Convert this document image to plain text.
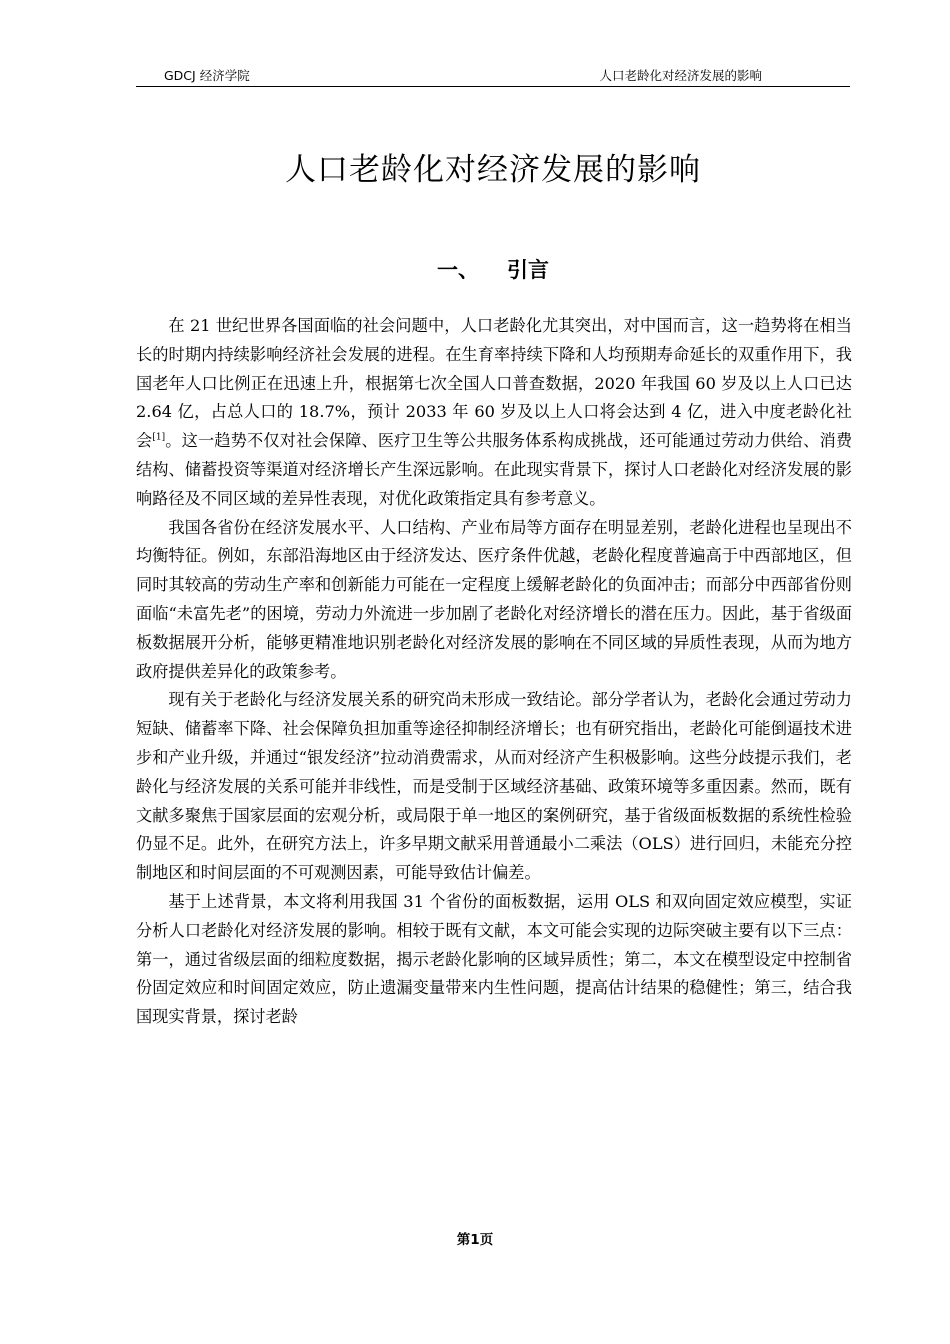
GDCJ 经济学院	人口老龄化对经济发展的影响
人口老龄化对经济发展的影响
一、 引言

在 21 世纪世界各国面临的社会问题中，人口老龄化尤其突出，对中国而言，这一趋势将在相当长的时期内持续影响经济社会发展的进程。在生育率持续下降和人均预期寿命延长的双重作用下，我国老年人口比例正在迅速上升，根据第七次全国人口普查数据，2020 年我国 60 岁及以上人口已达 2.64 亿，占总人口的 18.7%，预计 2033 年 60 岁及以上人口将会达到 4 亿，进入中度老龄化社会[1]。这一趋势不仅对社会保障、医疗卫生等公共服务体系构成挑战，还可能通过劳动力供给、消费结构、储蓄投资等渠道对经济增长产生深远影响。在此现实背景下，探讨人口老龄化对经济发展的影响路径及不同区域的差异性表现，对优化政策指定具有参考意义。

我国各省份在经济发展水平、人口结构、产业布局等方面存在明显差别，老龄化进程也呈现出不均衡特征。例如，东部沿海地区由于经济发达、医疗条件优越，老龄化程度普遍高于中西部地区，但同时其较高的劳动生产率和创新能力可能在一定程度上缓解老龄化的负面冲击；而部分中西部省份则面临“未富先老”的困境，劳动力外流进一步加剧了老龄化对经济增长的潜在压力。因此，基于省级面板数据展开分析，能够更精准地识别老龄化对经济发展的影响在不同区域的异质性表现，从而为地方政府提供差异化的政策参考。

现有关于老龄化与经济发展关系的研究尚未形成一致结论。部分学者认为，老龄化会通过劳动力短缺、储蓄率下降、社会保障负担加重等途径抑制经济增长；也有研究指出，老龄化可能倒逼技术进步和产业升级，并通过“银发经济”拉动消费需求，从而对经济产生积极影响。这些分歧提示我们，老龄化与经济发展的关系可能并非线性，而是受制于区域经济基础、政策环境等多重因素。然而，既有文献多聚焦于国家层面的宏观分析，或局限于单一地区的案例研究，基于省级面板数据的系统性检验仍显不足。此外，在研究方法上，许多早期文献采用普通最小二乘法（OLS）进行回归，未能充分控制地区和时间层面的不可观测因素，可能导致估计偏差。

基于上述背景，本文将利用我国 31 个省份的面板数据，运用 OLS 和双向固定效应模型，实证分析人口老龄化对经济发展的影响。相较于既有文献，本文可能会实现的边际突破主要有以下三点：第一，通过省级层面的细粒度数据，揭示老龄化影响的区域异质性；第二，本文在模型设定中控制省份固定效应和时间固定效应，防止遗漏变量带来内生性问题，提高估计结果的稳健性；第三，结合我国现实背景，探讨老龄

第1页
